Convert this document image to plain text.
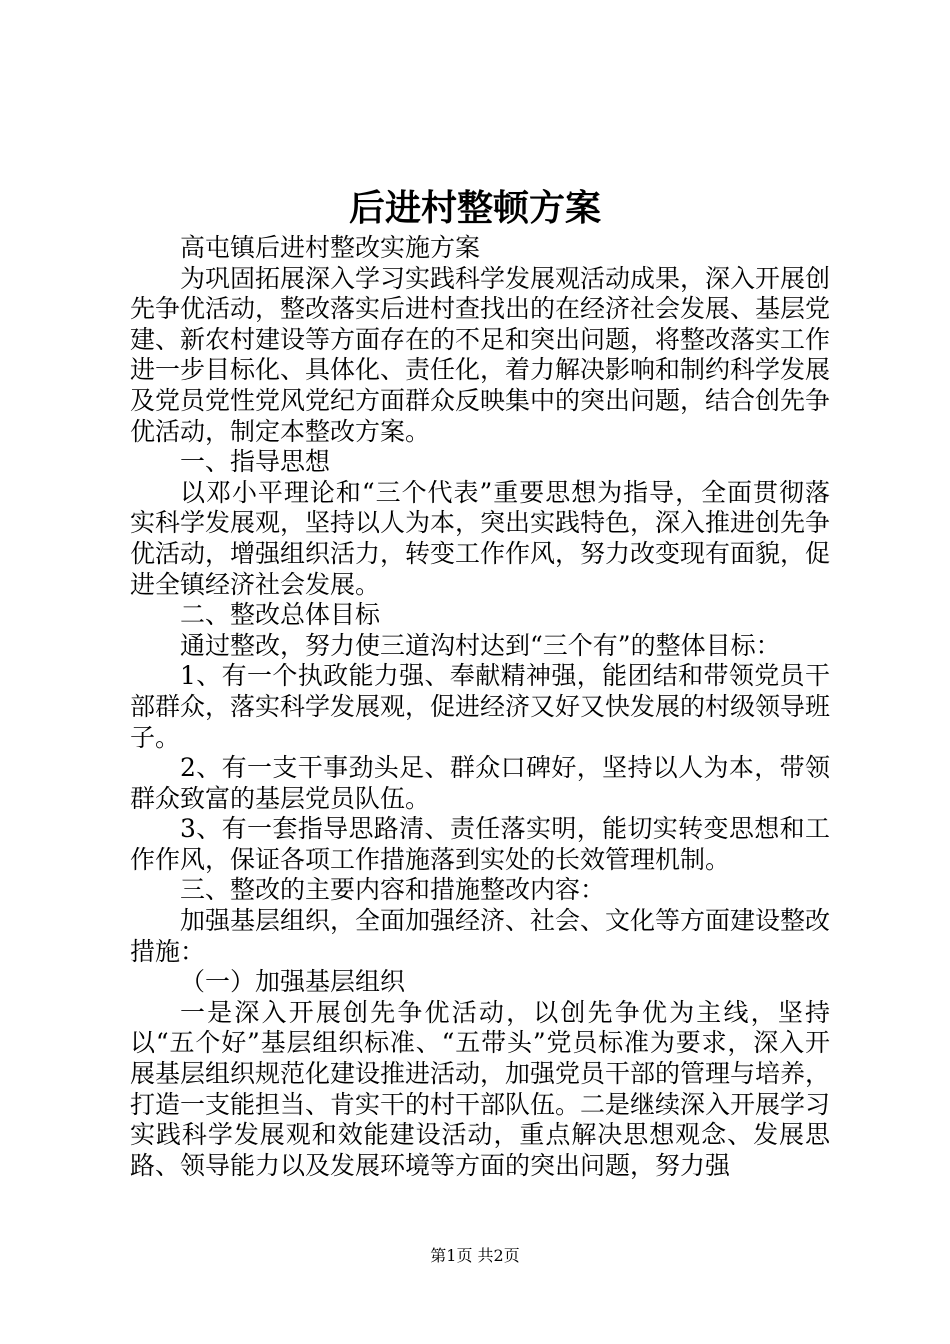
后进村整顿方案

高屯镇后进村整改实施方案

为巩固拓展深入学习实践科学发展观活动成果，深入开展创先争优活动，整改落实后进村查找出的在经济社会发展、基层党建、新农村建设等方面存在的不足和突出问题，将整改落实工作进一步目标化、具体化、责任化，着力解决影响和制约科学发展及党员党性党风党纪方面群众反映集中的突出问题，结合创先争优活动，制定本整改方案。

一、指导思想

以邓小平理论和“三个代表”重要思想为指导，全面贯彻落实科学发展观，坚持以人为本，突出实践特色，深入推进创先争优活动，增强组织活力，转变工作作风，努力改变现有面貌，促进全镇经济社会发展。

二、整改总体目标

通过整改，努力使三道沟村达到“三个有”的整体目标：

1、有一个执政能力强、奉献精神强，能团结和带领党员干部群众，落实科学发展观，促进经济又好又快发展的村级领导班子。

2、有一支干事劲头足、群众口碑好，坚持以人为本，带领群众致富的基层党员队伍。

3、有一套指导思路清、责任落实明，能切实转变思想和工作作风，保证各项工作措施落到实处的长效管理机制。

三、整改的主要内容和措施整改内容：

加强基层组织，全面加强经济、社会、文化等方面建设整改措施：

（一）加强基层组织

一是深入开展创先争优活动，以创先争优为主线，坚持以“五个好”基层组织标准、“五带头”党员标准为要求，深入开展基层组织规范化建设推进活动，加强党员干部的管理与培养，打造一支能担当、肯实干的村干部队伍。二是继续深入开展学习实践科学发展观和效能建设活动，重点解决思想观念、发展思路、领导能力以及发展环境等方面的突出问题，努力强

第1页 共2页
